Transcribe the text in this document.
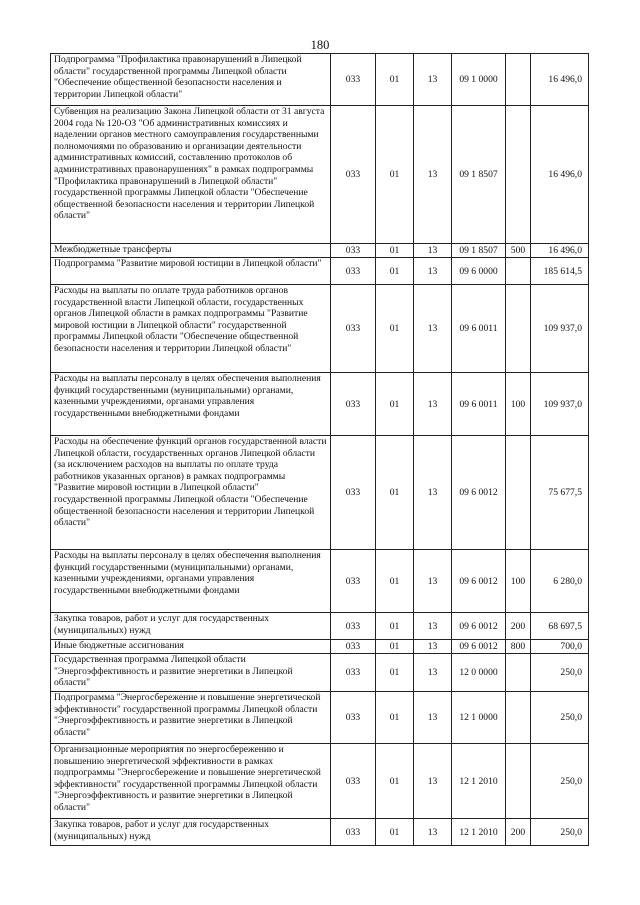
180
Подпрограмма "Профилактика правонарушений в Липецкой области" государственной программы Липецкой области "Обеспечение общественной безопасности населения и территории Липецкой области"	033	01	13	09 1 0000		16 496,0
Субвенция на реализацию Закона Липецкой области от 31 августа 2004 года № 120-ОЗ "Об административных комиссиях и наделении органов местного самоуправления государственными полномочиями по образованию и организации деятельности административных комиссий, составлению протоколов об административных правонарушениях" в рамках подпрограммы "Профилактика правонарушений в Липецкой области" государственной программы Липецкой области "Обеспечение общественной безопасности населения и территории Липецкой области"	033	01	13	09 1 8507		16 496,0
Межбюджетные трансферты	033	01	13	09 1 8507	500	16 496,0
Подпрограмма "Развитие мировой юстиции в Липецкой области"	033	01	13	09 6 0000		185 614,5
Расходы на выплаты по оплате труда работников органов государственной власти Липецкой области, государственных органов Липецкой области в рамках подпрограммы "Развитие мировой юстиции в Липецкой области" государственной программы Липецкой области "Обеспечение общественной безопасности населения и территории Липецкой области"	033	01	13	09 6 0011		109 937,0
Расходы на выплаты персоналу в целях обеспечения выполнения функций государственными (муниципальными) органами, казенными учреждениями, органами управления государственными внебюджетными фондами	033	01	13	09 6 0011	100	109 937,0
Расходы на обеспечение функций органов государственной власти Липецкой области, государственных органов Липецкой области (за исключением расходов на выплаты по оплате труда работников указанных органов) в рамках подпрограммы "Развитие мировой юстиции в Липецкой области" государственной программы Липецкой области "Обеспечение общественной безопасности населения и территории Липецкой области"	033	01	13	09 6 0012		75 677,5
Расходы на выплаты персоналу в целях обеспечения выполнения функций государственными (муниципальными) органами, казенными учреждениями, органами управления государственными внебюджетными фондами	033	01	13	09 6 0012	100	6 280,0
Закупка товаров, работ и услуг для государственных (муниципальных) нужд	033	01	13	09 6 0012	200	68 697,5
Иные бюджетные ассигнования	033	01	13	09 6 0012	800	700,0
Государственная программа Липецкой области "Энергоэффективность и развитие энергетики в Липецкой области"	033	01	13	12 0 0000		250,0
Подпрограмма "Энергосбережение и повышение энергетической эффективности" государственной программы Липецкой области "Энергоэффективность и развитие энергетики в Липецкой области"	033	01	13	12 1 0000		250,0
Организационные мероприятия по энергосбережению и повышению энергетической эффективности в рамках подпрограммы "Энергосбережение и повышение энергетической эффективности" государственной программы Липецкой области "Энергоэффективность и развитие энергетики в Липецкой области"	033	01	13	12 1 2010		250,0
Закупка товаров, работ и услуг для государственных (муниципальных) нужд	033	01	13	12 1 2010	200	250,0
